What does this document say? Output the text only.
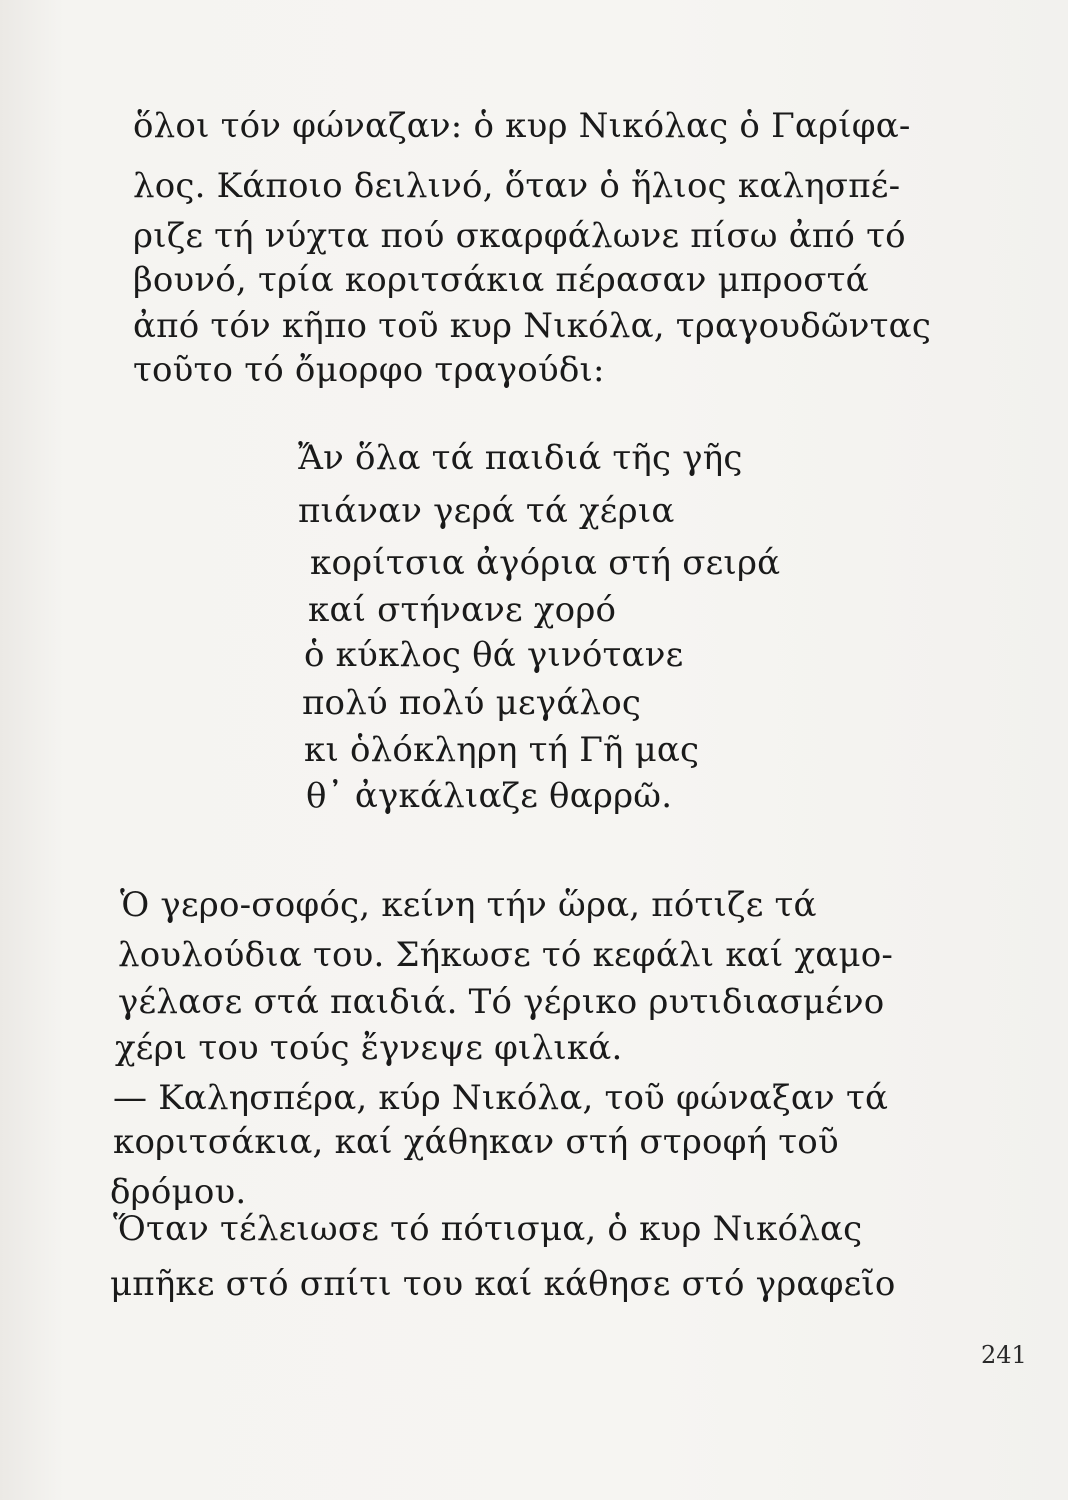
ὅλοι τόν φώναζαν: ὁ κυρ Νικόλας ὁ Γαρίφα-
λος. Κάποιο δειλινό, ὅταν ὁ ἥλιος καλησπέ-
ριζε τή νύχτα πού σκαρφάλωνε πίσω ἀπό τό
βουνό, τρία κοριτσάκια πέρασαν μπροστά
ἀπό τόν κῆπο τοῦ κυρ Νικόλα, τραγουδῶντας
τοῦτο τό ὄμορφο τραγούδι:
Ἄν ὅλα τά παιδιά τῆς γῆς
πιάναν γερά τά χέρια
κορίτσια ἀγόρια στή σειρά
καί στήνανε χορό
ὁ κύκλος θά γινότανε
πολύ πολύ μεγάλος
κι ὁλόκληρη τή Γῆ μας
θ᾿ ἀγκάλιαζε θαρρῶ.
Ὁ γερο-σοφός, κείνη τήν ὥρα, πότιζε τά
λουλούδια του. Σήκωσε τό κεφάλι καί χαμο-
γέλασε στά παιδιά. Τό γέρικο ρυτιδιασμένο
χέρι του τούς ἔγνεψε φιλικά.
— Καλησπέρα, κύρ Νικόλα, τοῦ φώναξαν τά
κοριτσάκια, καί χάθηκαν στή στροφή τοῦ
δρόμου.
Ὅταν τέλειωσε τό πότισμα, ὁ κυρ Νικόλας
μπῆκε στό σπίτι του καί κάθησε στό γραφεῖο
241
